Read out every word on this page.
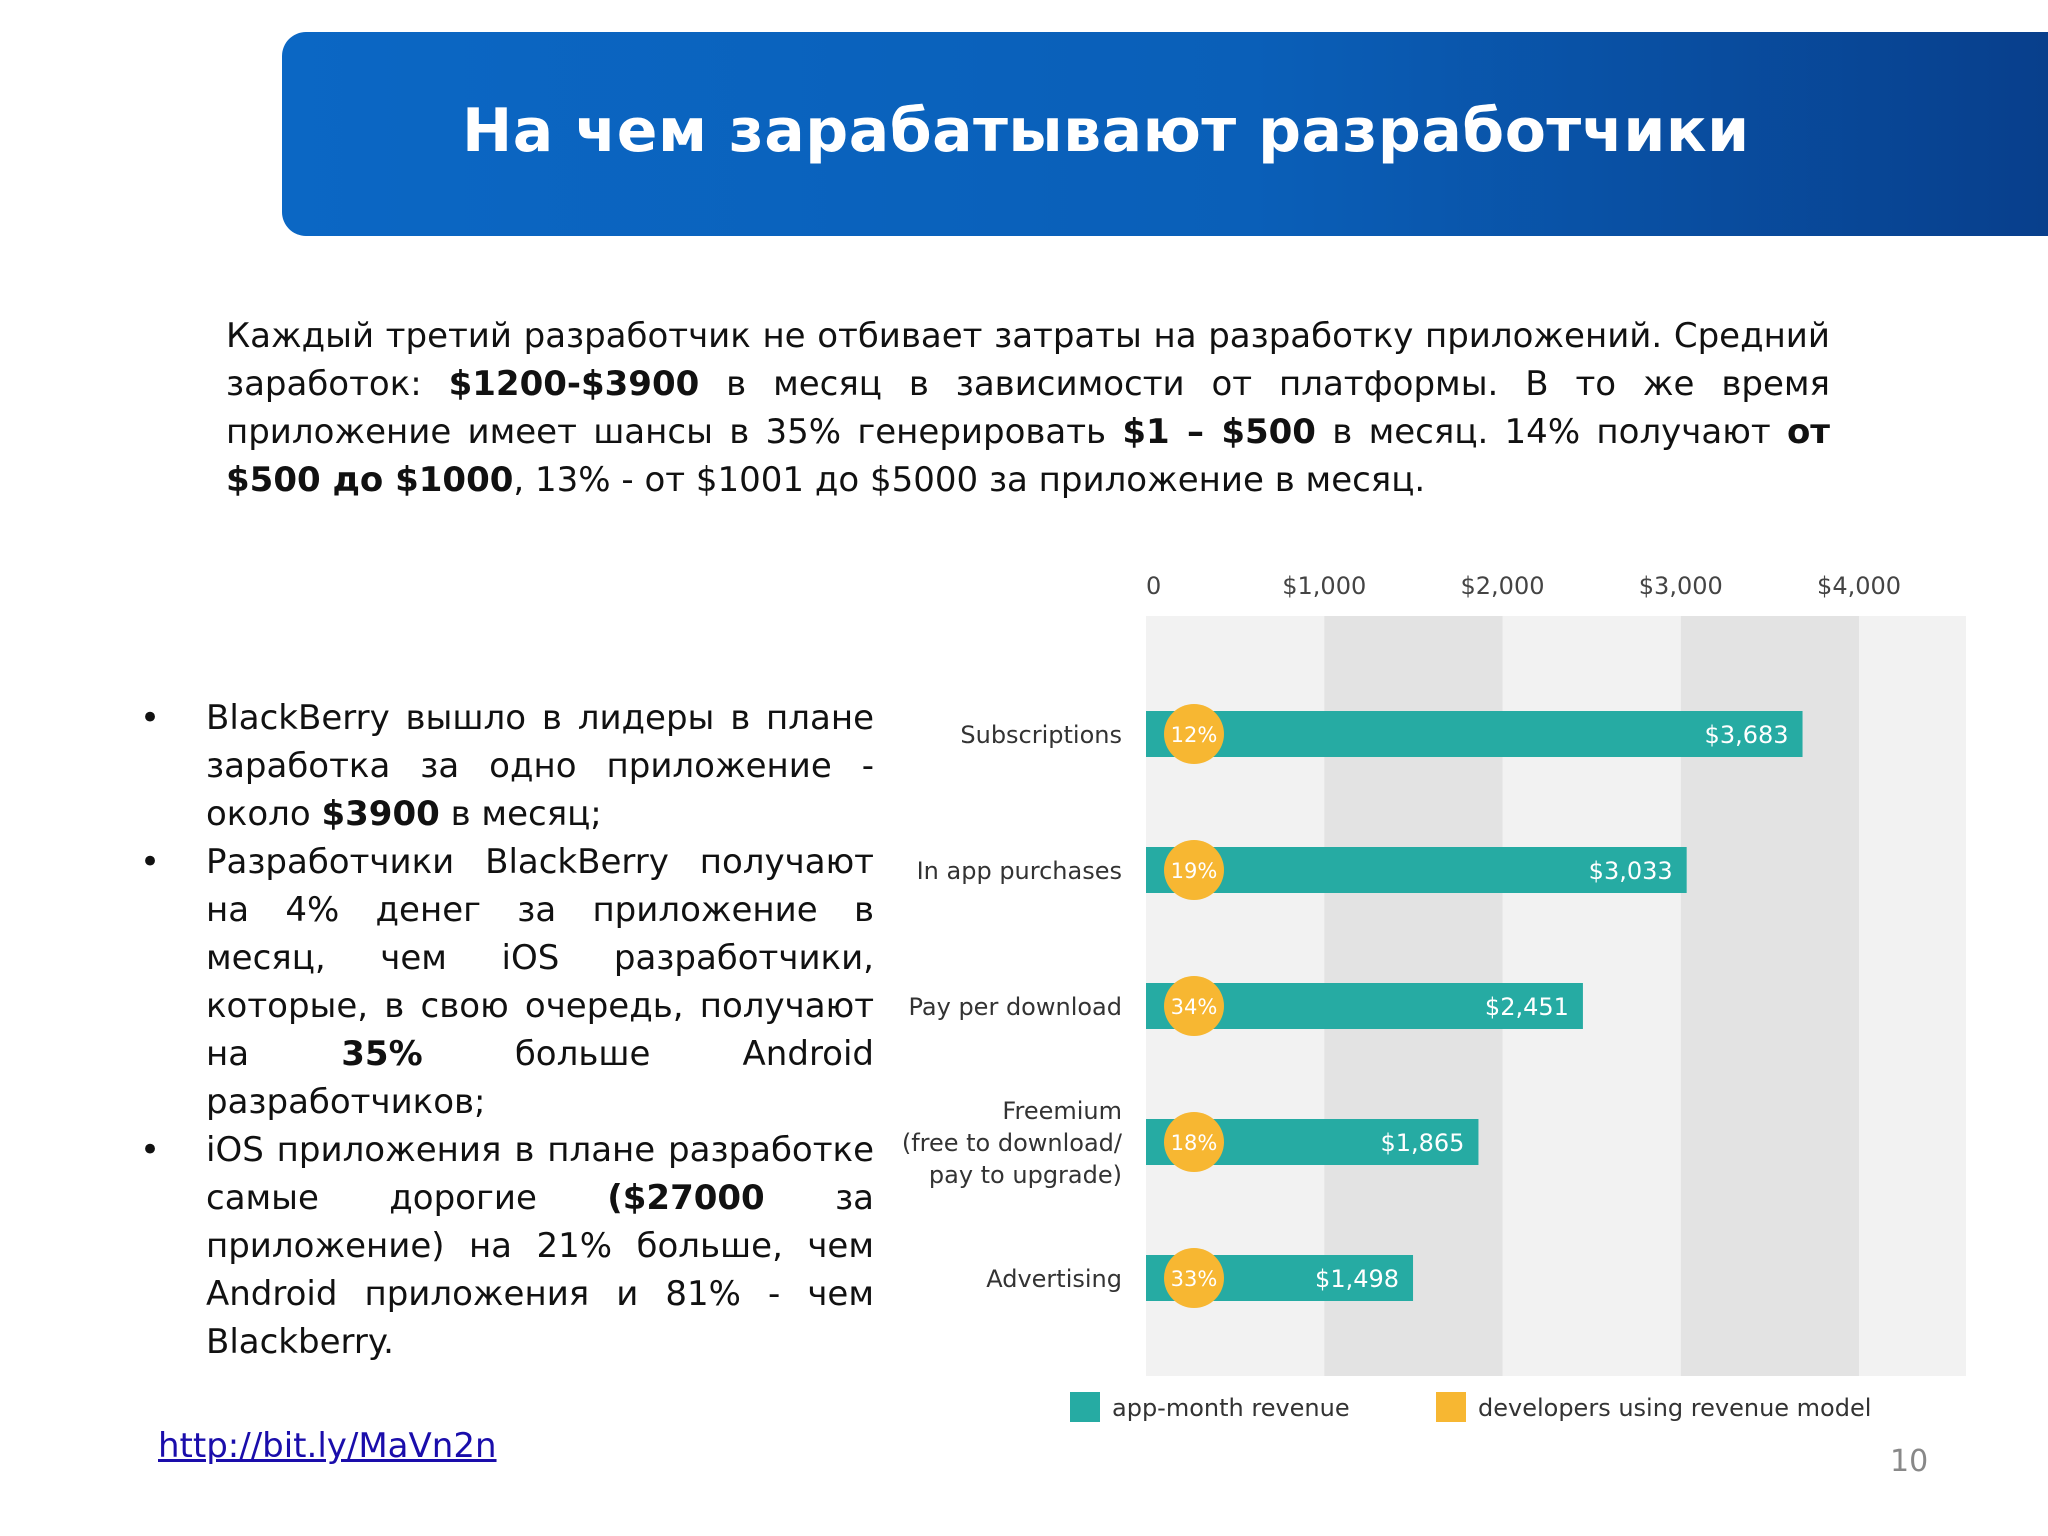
На чем зарабатывают разработчики
Каждый третий разработчик не отбивает затраты на разработку приложений. Средний заработок: $1200-$3900 в месяц в зависимости от платформы. В то же время приложение имеет шансы в 35% генерировать $1 – $500 в месяц. 14% получают от $500 до $1000, 13% - от $1001 до $5000 за приложение в месяц.
• BlackBerry вышло в лидеры в плане заработка за одно приложение - около $3900 в месяц;
• Разработчики BlackBerry получают на 4% денег за приложение в месяц, чем iOS разработчики, которые, в свою очередь, получают на 35% больше Android разработчиков;
• iOS приложения в плане разработке самые дорогие ($27000 за приложение) на 21% больше, чем Android приложения и 81% - чем Blackberry.
http://bit.ly/MaVn2n	10
0	$1,000	$2,000	$3,000	$4,000
$3,683
12%
Subscriptions
$3,033
19%
In app purchases
$2,451
34%
Pay per download
$1,865
18%
Freemium
(free to download/
pay to upgrade)
$1,498
33%
Advertising
app-month revenue	developers using revenue model
